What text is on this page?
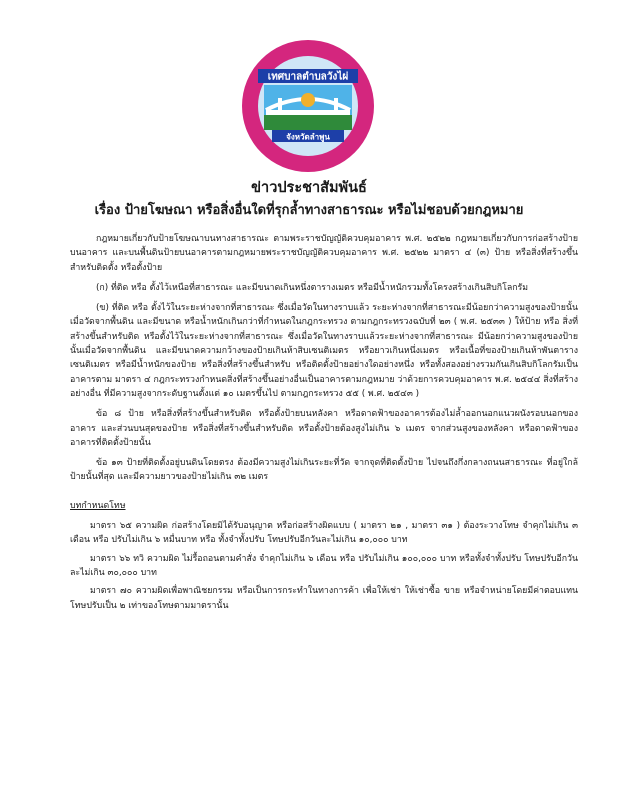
เทศบาลตำบลวังไผ่
จังหวัดลำพูน
ข่าวประชาสัมพันธ์
เรื่อง ป้ายโฆษณา หรือสิ่งอื่นใดที่รุกล้ำทางสาธารณะ หรือไม่ชอบด้วยกฎหมาย

กฎหมายเกี่ยวกับป้ายโฆษณาบนทางสาธารณะ ตามพระราชบัญญัติควบคุมอาคาร พ.ศ. ๒๕๒๒ กฎหมายเกี่ยวกับการก่อสร้างป้ายบนอาคาร และบนพื้นดินป้ายบนอาคารตามกฎหมายพระราชบัญญัติควบคุมอาคาร พ.ศ. ๒๕๒๒ มาตรา ๔ (๓) ป้าย หรือสิ่งที่สร้างขึ้นสำหรับติดตั้ง หรือตั้งป้าย

(ก) ที่ติด หรือ ตั้งไว้เหนือที่สาธารณะ และมีขนาดเกินหนึ่งตารางเมตร หรือมีน้ำหนักรวมทั้งโครงสร้างเกินสิบกิโลกรัม

(ข) ที่ติด หรือ ตั้งไว้ในระยะห่างจากที่สาธารณะ ซึ่งเมื่อวัดในทางราบแล้ว ระยะห่างจากที่สาธารณะมีน้อยกว่าความสูงของป้ายนั้น เมื่อวัดจากพื้นดิน และมีขนาด หรือน้ำหนักเกินกว่าที่กำหนดในกฎกระทรวง ตามกฎกระทรวงฉบับที่ ๒๓ ( พ.ศ. ๒๕๓๓ ) ให้ป้าย หรือ สิ่งที่สร้างขึ้นสำหรับติด หรือตั้งไว้ในระยะห่างจากที่สาธารณะ ซึ่งเมื่อวัดในทางราบแล้วระยะห่างจากที่สาธารณะ มีน้อยกว่าความสูงของป้ายนั้นเมื่อวัดจากพื้นดิน และมีขนาดความกว้างของป้ายเกินห้าสิบเซนติเมตร หรือยาวเกินหนึ่งเมตร หรือเนื้อที่ของป้ายเกินห้าพันตารางเซนติเมตร หรือมีน้ำหนักของป้าย หรือสิ่งที่สร้างขึ้นสำหรับ หรือติดตั้งป้ายอย่างใดอย่างหนึ่ง หรือทั้งสองอย่างรวมกันเกินสิบกิโลกรัมเป็นอาคารตาม มาตรา ๔ กฎกระทรวงกำหนดสิ่งที่สร้างขึ้นอย่างอื่นเป็นอาคารตามกฎหมาย ว่าด้วยการควบคุมอาคาร พ.ศ. ๒๕๔๔ สิ่งที่สร้างอย่างอื่น ที่มีความสูงจากระดับฐานตั้งแต่ ๑๐ เมตรขึ้นไป ตามกฎกระทรวง ๕๕ ( พ.ศ. ๒๕๔๓ )

ข้อ ๘ ป้าย หรือสิ่งที่สร้างขึ้นสำหรับติด หรือตั้งป้ายบนหลังคา หรือดาดฟ้าของอาคารต้องไม่ล้ำออกนอกแนวผนังรอบนอกของอาคาร และส่วนบนสุดของป้าย หรือสิ่งที่สร้างขึ้นสำหรับติด หรือตั้งป้ายต้องสูงไม่เกิน ๖ เมตร จากส่วนสูงของหลังคา หรือดาดฟ้าของอาคารที่ติดตั้งป้ายนั้น

ข้อ ๑๓ ป้ายที่ติดตั้งอยู่บนดินโดยตรง ต้องมีความสูงไม่เกินระยะที่วัด จากจุดที่ติดตั้งป้าย ไปจนถึงกึ่งกลางถนนสาธารณะ ที่อยู่ใกล้ป้ายนั้นที่สุด และมีความยาวของป้ายไม่เกิน ๓๒ เมตร

บทกำหนดโทษ

มาตรา ๖๕ ความผิด ก่อสร้างโดยมิได้รับอนุญาต หรือก่อสร้างผิดแบบ ( มาตรา ๒๑ , มาตรา ๓๑ ) ต้องระวางโทษ จำคุกไม่เกิน ๓ เดือน หรือ ปรับไม่เกิน ๖ หมื่นบาท หรือ ทั้งจำทั้งปรับ โทษปรับอีกวันละไม่เกิน ๑๐,๐๐๐ บาท

มาตรา ๖๖ ทวิ ความผิด ไม่รื้อถอนตามคำสั่ง จำคุกไม่เกิน ๖ เดือน หรือ ปรับไม่เกิน ๑๐๐,๐๐๐ บาท หรือทั้งจำทั้งปรับ โทษปรับอีกวันละไม่เกิน ๓๐,๐๐๐ บาท

มาตรา ๗๐ ความผิดเพื่อพาณิชยกรรม หรือเป็นการกระทำในทางการค้า เพื่อให้เช่า ให้เช่าซื้อ ขาย หรือจำหน่ายโดยมีค่าตอบแทน โทษปรับเป็น ๒ เท่าของโทษตามมาตรานั้น
